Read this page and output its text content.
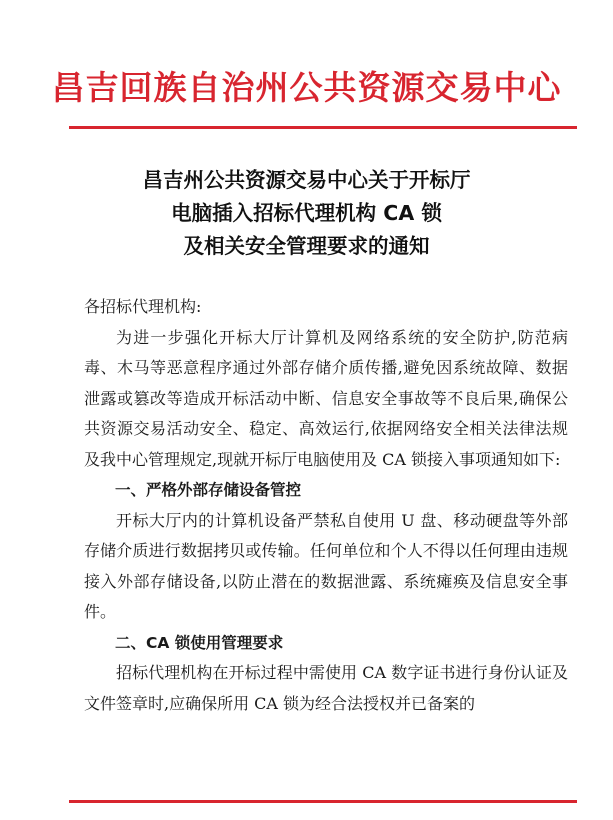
昌吉回族自治州公共资源交易中心
昌吉州公共资源交易中心关于开标厅
电脑插入招标代理机构 CA 锁
及相关安全管理要求的通知

各招标代理机构:

为进一步强化开标大厅计算机及网络系统的安全防护,防范病毒、木马等恶意程序通过外部存储介质传播,避免因系统故障、数据泄露或篡改等造成开标活动中断、信息安全事故等不良后果,确保公共资源交易活动安全、稳定、高效运行,依据网络安全相关法律法规及我中心管理规定,现就开标厅电脑使用及 CA 锁接入事项通知如下:

一、严格外部存储设备管控

开标大厅内的计算机设备严禁私自使用 U 盘、移动硬盘等外部存储介质进行数据拷贝或传输。任何单位和个人不得以任何理由违规接入外部存储设备,以防止潜在的数据泄露、系统瘫痪及信息安全事件。

二、CA 锁使用管理要求

招标代理机构在开标过程中需使用 CA 数字证书进行身份认证及文件签章时,应确保所用 CA 锁为经合法授权并已备案的
